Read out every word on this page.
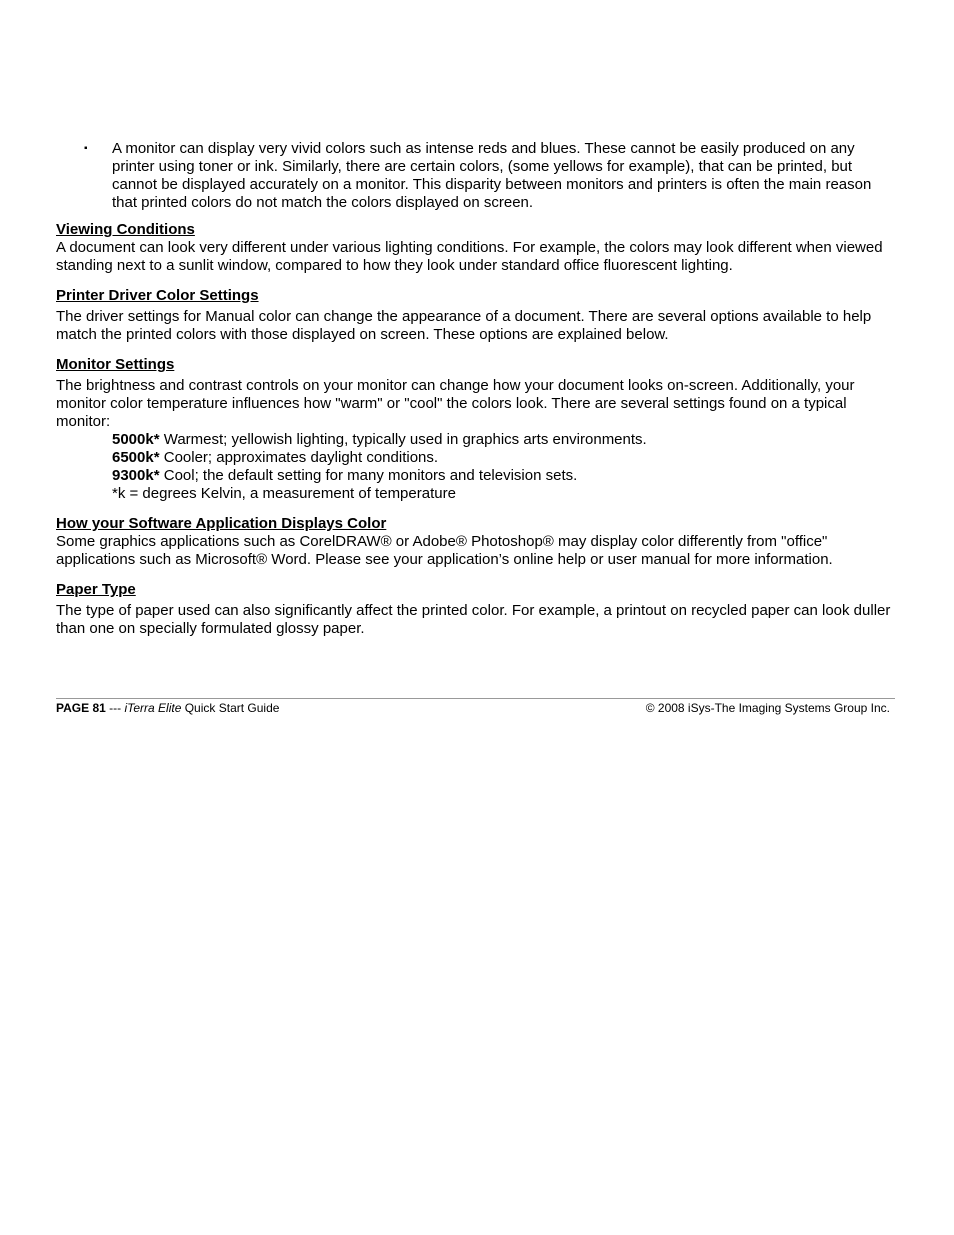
▪ A monitor can display very vivid colors such as intense reds and blues. These cannot be easily produced on any printer using toner or ink. Similarly, there are certain colors, (some yellows for example), that can be printed, but cannot be displayed accurately on a monitor. This disparity between monitors and printers is often the main reason that printed colors do not match the colors displayed on screen.
Viewing Conditions

A document can look very different under various lighting conditions. For example, the colors may look different when viewed standing next to a sunlit window, compared to how they look under standard office fluorescent lighting.

Printer Driver Color Settings

The driver settings for Manual color can change the appearance of a document. There are several options available to help match the printed colors with those displayed on screen. These options are explained below.

Monitor Settings

The brightness and contrast controls on your monitor can change how your document looks on-screen. Additionally, your monitor color temperature influences how "warm" or "cool" the colors look. There are several settings found on a typical monitor:

5000k* Warmest; yellowish lighting, typically used in graphics arts environments.
6500k* Cooler; approximates daylight conditions.
9300k* Cool; the default setting for many monitors and television sets.
*k = degrees Kelvin, a measurement of temperature
How your Software Application Displays Color

Some graphics applications such as CorelDRAW® or Adobe® Photoshop® may display color differently from "office" applications such as Microsoft® Word. Please see your application’s online help or user manual for more information.

Paper Type

The type of paper used can also significantly affect the printed color. For example, a printout on recycled paper can look duller than one on specially formulated glossy paper.

PAGE 81 --- iTerra Elite Quick Start Guide	© 2008 iSys-The Imaging Systems Group Inc.
